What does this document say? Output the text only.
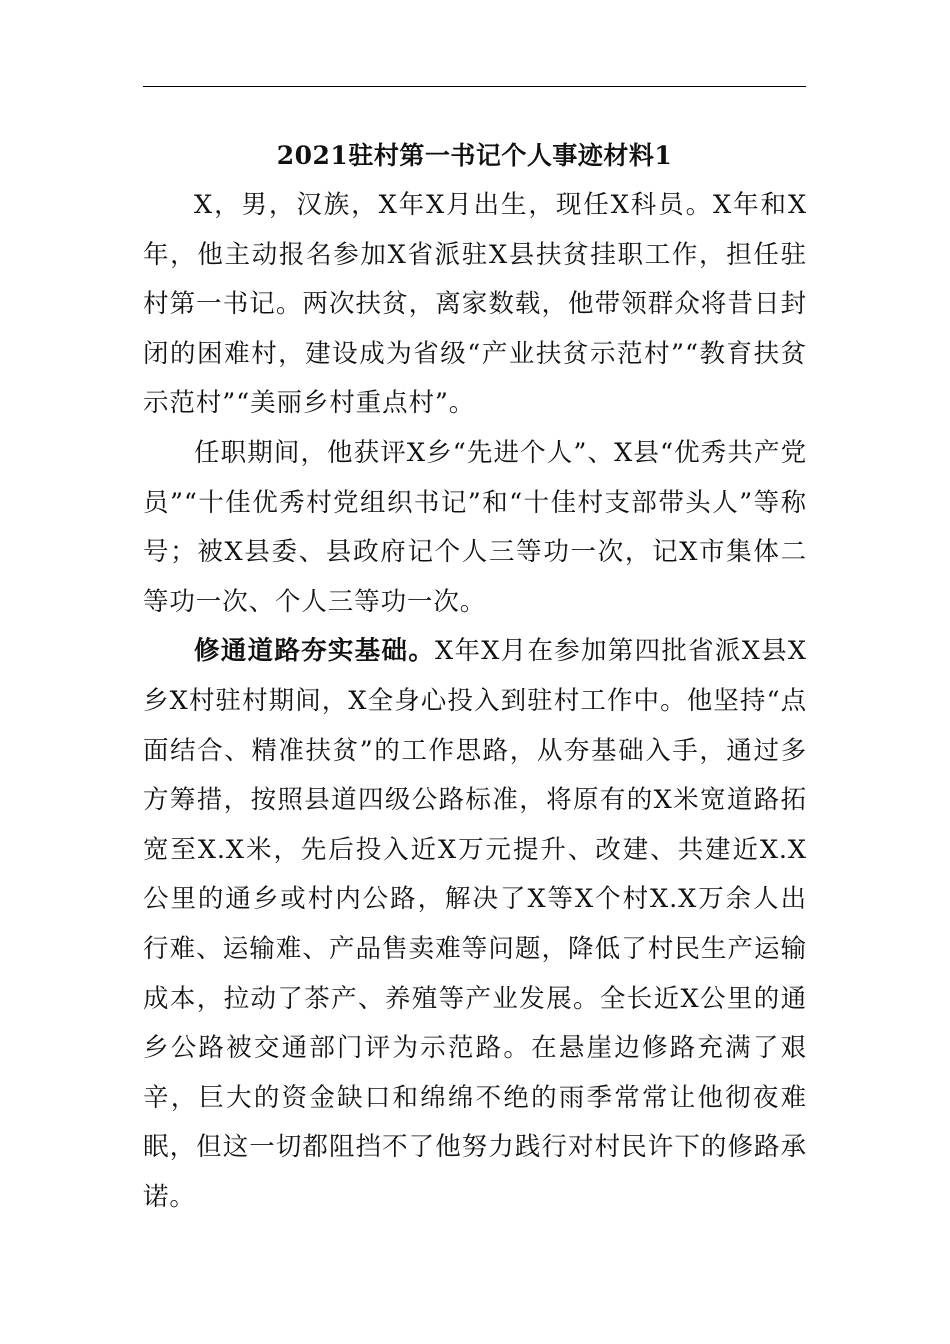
2021驻村第一书记个人事迹材料1

X，男，汉族，X年X月出生，现任X科员。X年和X年，他主动报名参加X省派驻X县扶贫挂职工作，担任驻村第一书记。两次扶贫，离家数载，他带领群众将昔日封闭的困难村，建设成为省级“产业扶贫示范村”“教育扶贫示范村”“美丽乡村重点村”。

任职期间，他获评X乡“先进个人”、X县“优秀共产党员”“十佳优秀村党组织书记”和“十佳村支部带头人”等称号；被X县委、县政府记个人三等功一次，记X市集体二等功一次、个人三等功一次。

修通道路夯实基础。X年X月在参加第四批省派X县X乡X村驻村期间，X全身心投入到驻村工作中。他坚持“点面结合、精准扶贫”的工作思路，从夯基础入手，通过多方筹措，按照县道四级公路标准，将原有的X米宽道路拓宽至X.X米，先后投入近X万元提升、改建、共建近X.X公里的通乡或村内公路，解决了X等X个村X.X万余人出行难、运输难、产品售卖难等问题，降低了村民生产运输成本，拉动了茶产、养殖等产业发展。全长近X公里的通乡公路被交通部门评为示范路。在悬崖边修路充满了艰辛，巨大的资金缺口和绵绵不绝的雨季常常让他彻夜难眠，但这一切都阻挡不了他努力践行对村民许下的修路承诺。
